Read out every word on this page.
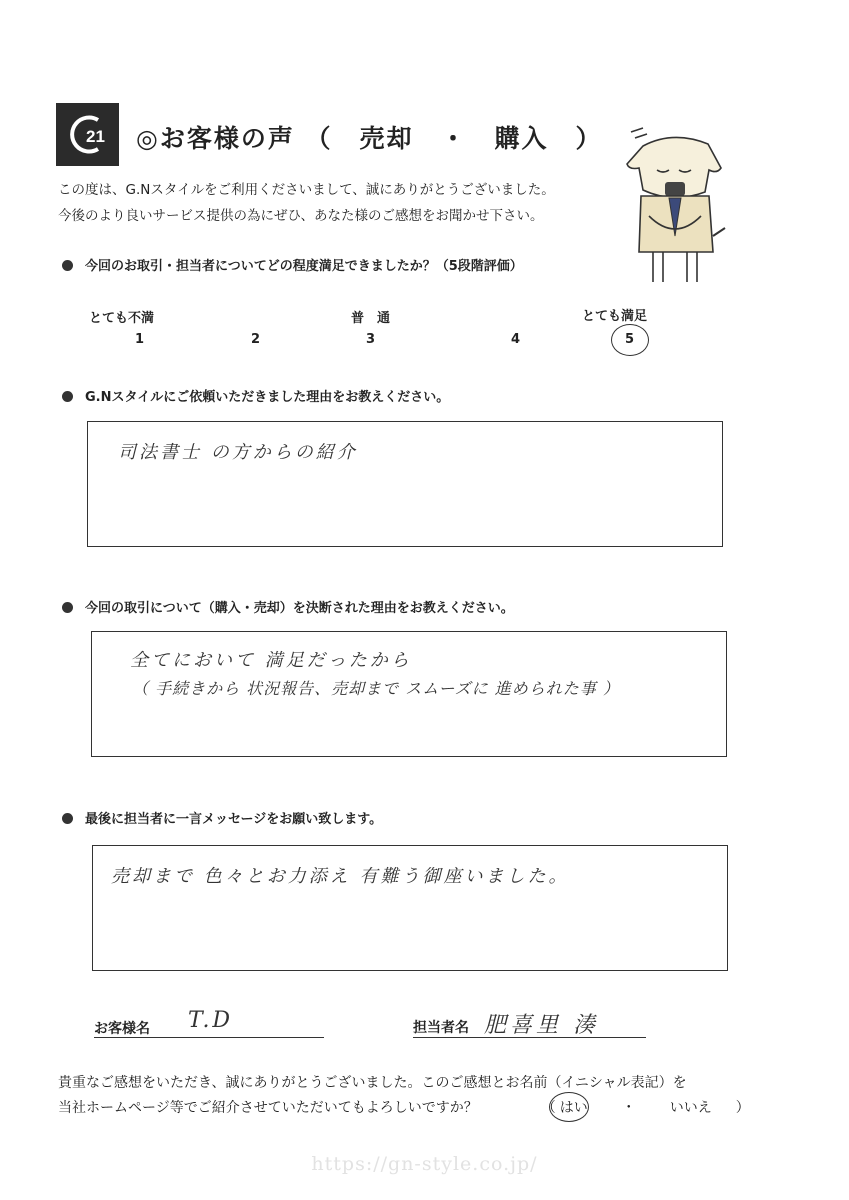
21 ◎お客様の声 （　売却　・　購入　）
この度は、G.Nスタイルをご利用くださいまして、誠にありがとうございました。
今後のより良いサービス提供の為にぜひ、あなた様のご感想をお聞かせ下さい。
今回のお取引・担当者についてどの程度満足できましたか？（5段階評価）
とても不満	普　通	とても満足
1	2	3	4	5
G.Nスタイルにご依頼いただきました理由をお教えください。
司法書士 の方からの紹介
今回の取引について（購入・売却）を決断された理由をお教えください。
全てにおいて 満足だったから
（ 手続きから 状況報告、売却まで スムーズに 進められた事 ）
最後に担当者に一言メッセージをお願い致します。
売却まで 色々とお力添え 有難う御座いました。
お客様名 T.D	担当者名 肥喜里 湊
貴重なご感想をいただき、誠にありがとうございました。このご感想とお名前（イニシャル表記）を
当社ホームページ等でご紹介させていただいてもよろしいですか？	（ はい ・ いいえ ）
https://gn-style.co.jp/
